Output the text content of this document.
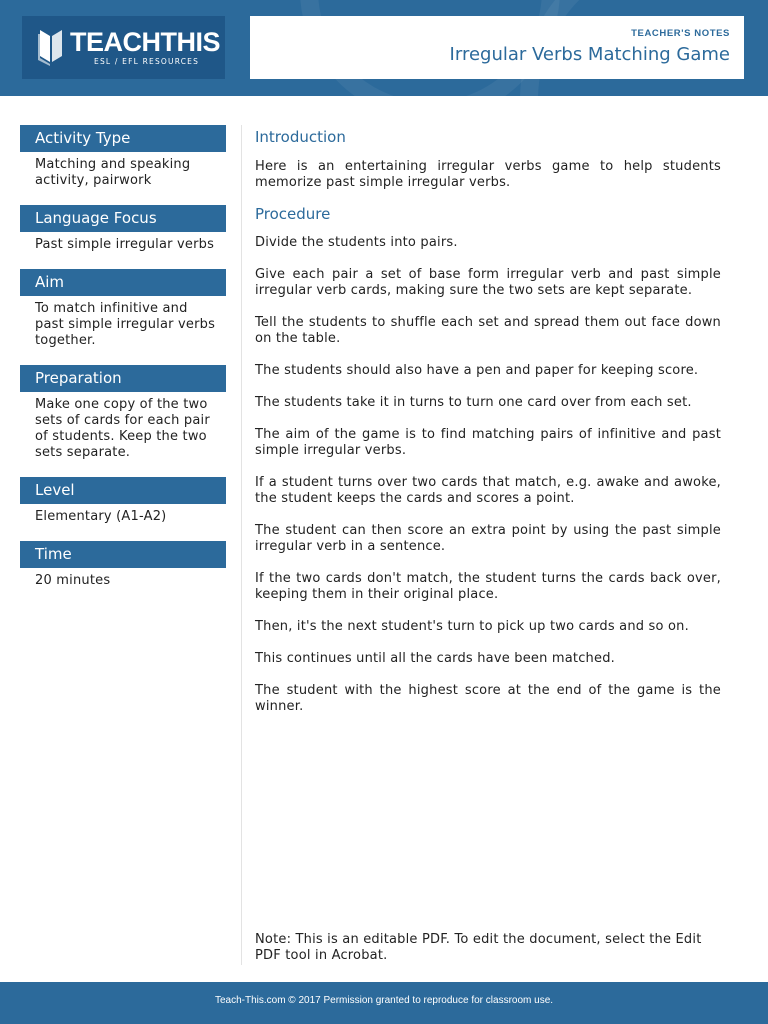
TEACHTHIS
ESL / EFL RESOURCES
TEACHER'S NOTES
Irregular Verbs Matching Game
Activity Type
Matching and speaking activity, pairwork
Language Focus
Past simple irregular verbs
Aim
To match infinitive and past simple irregular verbs together.
Preparation
Make one copy of the two sets of cards for each pair of students. Keep the two sets separate.
Level
Elementary (A1-A2)
Time
20 minutes
Introduction
Here is an entertaining irregular verbs game to help students memorize past simple irregular verbs.
Procedure
Divide the students into pairs.
Give each pair a set of base form irregular verb and past simple irregular verb cards, making sure the two sets are kept separate.
Tell the students to shuffle each set and spread them out face down on the table.
The students should also have a pen and paper for keeping score.
The students take it in turns to turn one card over from each set.
The aim of the game is to find matching pairs of infinitive and past simple irregular verbs.
If a student turns over two cards that match, e.g. awake and awoke, the student keeps the cards and scores a point.
The student can then score an extra point by using the past simple irregular verb in a sentence.
If the two cards don't match, the student turns the cards back over, keeping them in their original place.
Then, it's the next student's turn to pick up two cards and so on.
This continues until all the cards have been matched.
The student with the highest score at the end of the game is the winner.
Note: This is an editable PDF. To edit the document, select the Edit PDF tool in Acrobat.
Teach-This.com © 2017 Permission granted to reproduce for classroom use.
